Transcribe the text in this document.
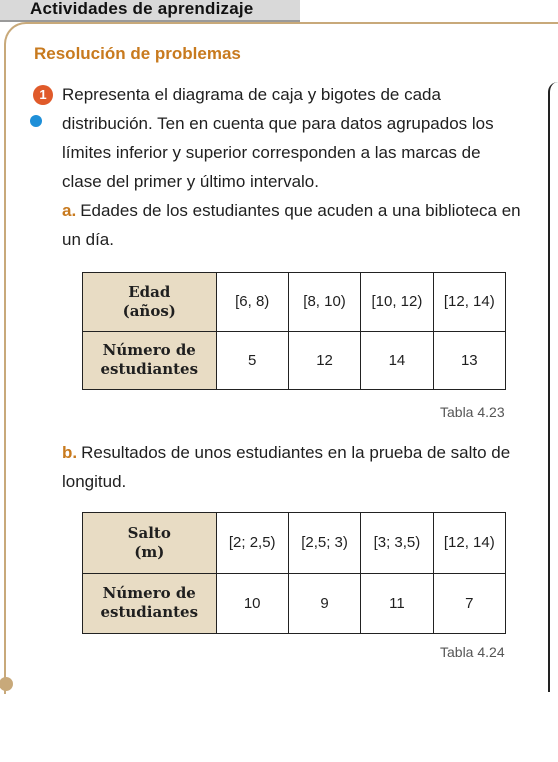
Actividades de aprendizaje
Resolución de problemas
1 Representa el diagrama de caja y bigotes de cada distribución. Ten en cuenta que para datos agrupados los límites inferior y superior corresponden a las marcas de clase del primer y último intervalo.
a. Edades de los estudiantes que acuden a una biblioteca en un día.
Edad
(años)	[6, 8)	[8, 10)	[10, 12)	[12, 14)
Número de
estudiantes	5	12	14	13
Tabla 4.23
b. Resultados de unos estudiantes en la prueba de salto de longitud.
Salto
(m)	[2; 2,5)	[2,5; 3)	[3; 3,5)	[12, 14)
Número de
estudiantes	10	9	11	7
Tabla 4.24
